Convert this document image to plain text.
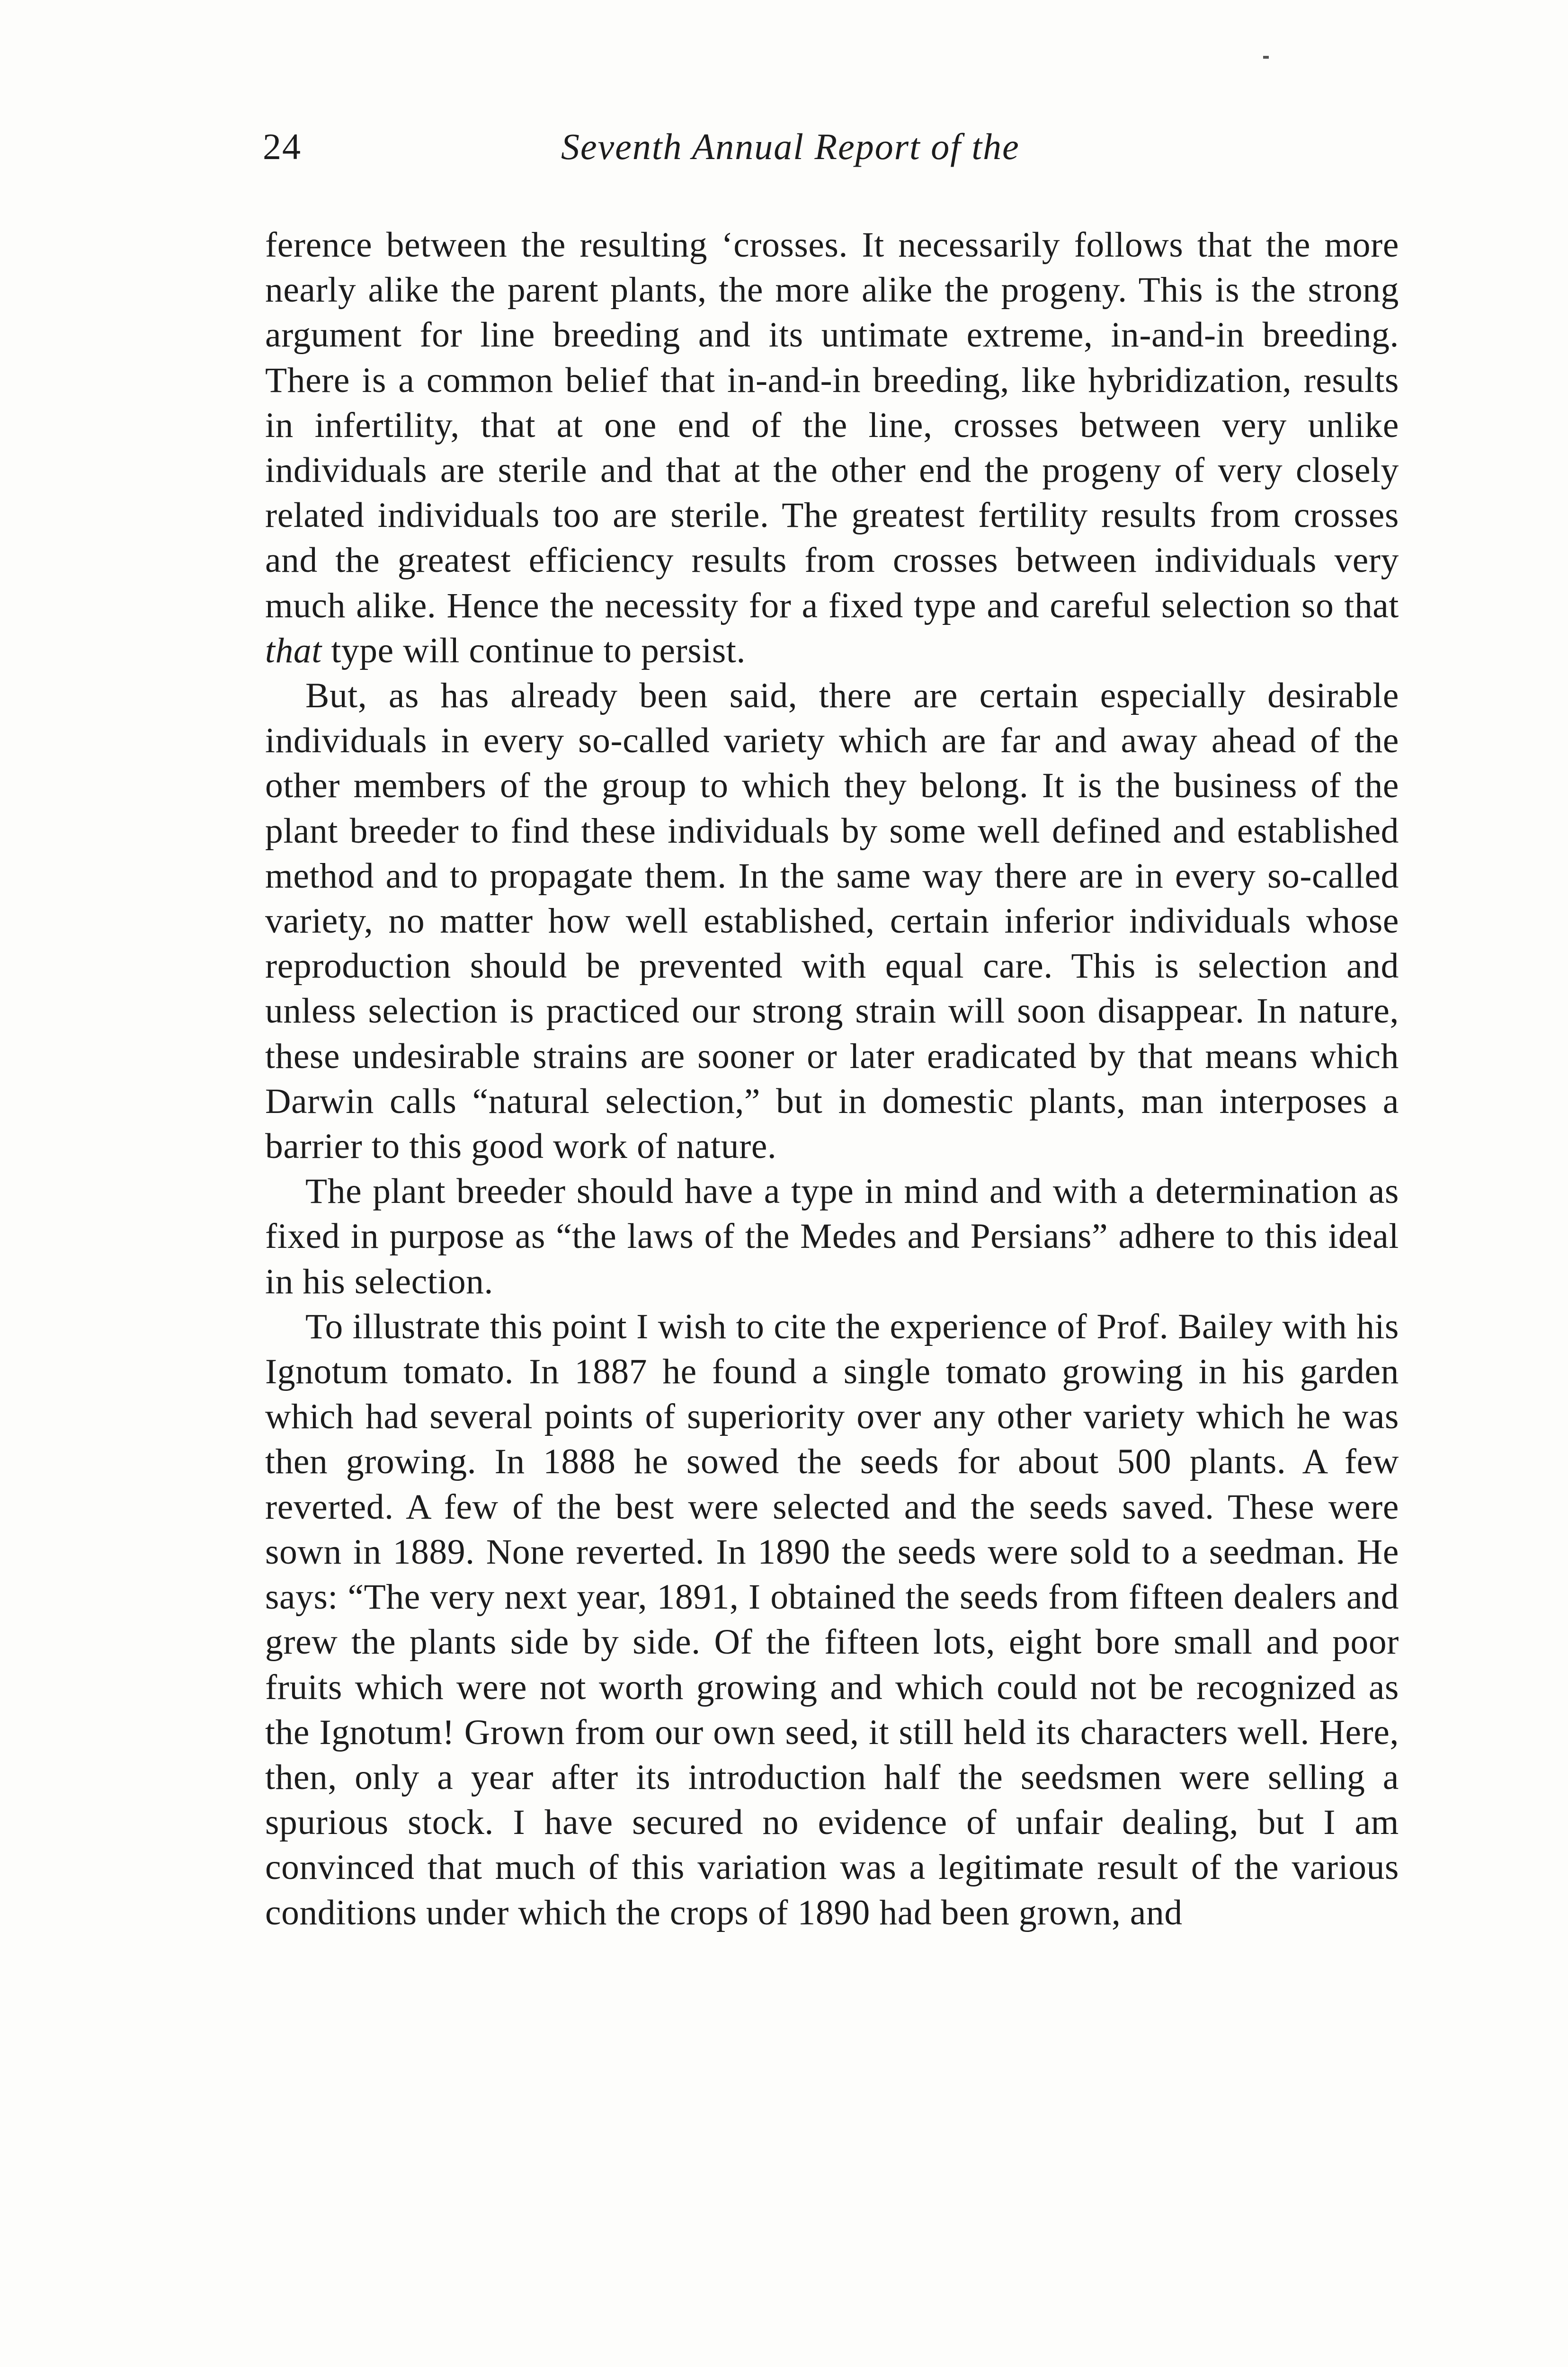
24	Seventh Annual Report of the

ference between the resulting ‘crosses. It necessarily follows that the more nearly alike the parent plants, the more alike the progeny. This is the strong argument for line breeding and its untimate extreme, in-and-in breeding. There is a common belief that in-and-in breeding, like hybridization, results in infertility, that at one end of the line, crosses between very unlike individuals are sterile and that at the other end the progeny of very closely related individuals too are sterile. The greatest fertility results from crosses and the greatest efficiency results from crosses between individuals very much alike. Hence the necessity for a fixed type and careful selection so that that type will continue to persist.

But, as has already been said, there are certain especially desirable individuals in every so-called variety which are far and away ahead of the other members of the group to which they belong. It is the business of the plant breeder to find these individuals by some well defined and established method and to propagate them. In the same way there are in every so-called variety, no matter how well established, certain inferior individuals whose reproduction should be prevented with equal care. This is selection and unless selection is practiced our strong strain will soon disappear. In nature, these undesirable strains are sooner or later eradicated by that means which Darwin calls “natural selection,” but in domestic plants, man interposes a barrier to this good work of nature.

The plant breeder should have a type in mind and with a determination as fixed in purpose as “the laws of the Medes and Persians” adhere to this ideal in his selection.

To illustrate this point I wish to cite the experience of Prof. Bailey with his Ignotum tomato. In 1887 he found a single tomato growing in his garden which had several points of superiority over any other variety which he was then growing. In 1888 he sowed the seeds for about 500 plants. A few reverted. A few of the best were selected and the seeds saved. These were sown in 1889. None reverted. In 1890 the seeds were sold to a seedman. He says: “The very next year, 1891, I obtained the seeds from fifteen dealers and grew the plants side by side. Of the fifteen lots, eight bore small and poor fruits which were not worth growing and which could not be recognized as the Ignotum! Grown from our own seed, it still held its characters well. Here, then, only a year after its introduction half the seedsmen were selling a spurious stock. I have secured no evidence of unfair dealing, but I am convinced that much of this variation was a legitimate result of the various conditions under which the crops of 1890 had been grown, and
